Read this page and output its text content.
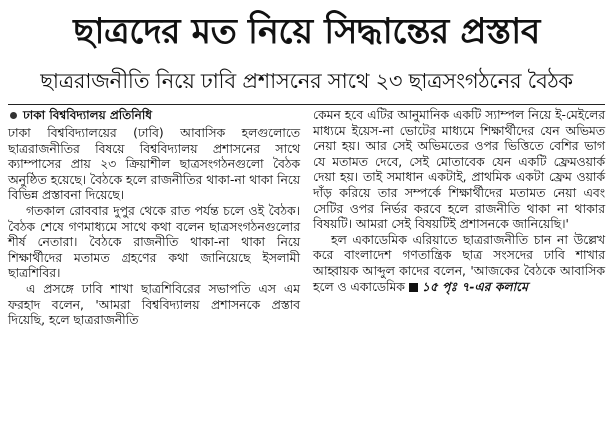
ছাত্রদের মত নিয়ে সিদ্ধান্তের প্রস্তাব
ছাত্ররাজনীতি নিয়ে ঢাবি প্রশাসনের সাথে ২৩ ছাত্রসংগঠনের বৈঠক
ঢাকা বিশ্ববিদ্যালয় প্রতিনিধি

ঢাকা বিশ্ববিদ্যালয়ের (ঢাবি) আবাসিক হলগুলোতে ছাত্ররাজনীতির বিষয়ে বিশ্ববিদ্যালয় প্রশাসনের সাথে ক্যাম্পাসের প্রায় ২৩ ক্রিয়াশীল ছাত্রসংগঠনগুলো বৈঠক অনুষ্ঠিত হয়েছে। বৈঠকে হলে রাজনীতির থাকা-না থাকা নিয়ে বিভিন্ন প্রস্তাবনা দিয়েছে।

গতকাল রোববার দুপুর থেকে রাত পর্যন্ত চলে ওই বৈঠক। বৈঠক শেষে গণমাধ্যমে সাথে কথা বলেন ছাত্রসংগঠনগুলোর শীর্ষ নেতারা। বৈঠকে রাজনীতি থাকা-না থাকা নিয়ে শিক্ষার্থীদের মতামত গ্রহণের কথা জানিয়েছে ইসলামী ছাত্রশিবির।

এ প্রসঙ্গে ঢাবি শাখা ছাত্রশিবিরের সভাপতি এস এম ফরহাদ বলেন, 'আমরা বিশ্ববিদ্যালয় প্রশাসনকে প্রস্তাব দিয়েছি, হলে ছাত্ররাজনীতি

কেমন হবে এটির আনুমানিক একটি স্যাম্পল নিয়ে ই-মেইলের মাধ্যমে ইয়েস-না ভোটের মাধ্যমে শিক্ষার্থীদের যেন অভিমত নেয়া হয়। আর সেই অভিমতের ওপর ভিত্তিতে বেশির ভাগ যে মতামত দেবে, সেই মোতাবেক যেন একটি ফ্রেমওয়ার্ক দেয়া হয়। তাই সমাধান একটাই, প্রাথমিক একটা ফ্রেম ওয়ার্ক দাঁড় করিয়ে তার সম্পর্কে শিক্ষার্থীদের মতামত নেয়া এবং সেটির ওপর নির্ভর করবে হলে রাজনীতি থাকা না থাকার বিষয়টি। আমরা সেই বিষয়টিই প্রশাসনকে জানিয়েছি।'

হল একাডেমিক এরিয়াতে ছাত্ররাজনীতি চান না উল্লেখ করে বাংলাদেশ গণতান্ত্রিক ছাত্র সংসদের ঢাবি শাখার আহ্বায়ক আব্দুল কাদের বলেন, 'আজকের বৈঠকে আবাসিক হলে ও একাডেমিক ১৫ পৃঃ ৭-এর কলামে
